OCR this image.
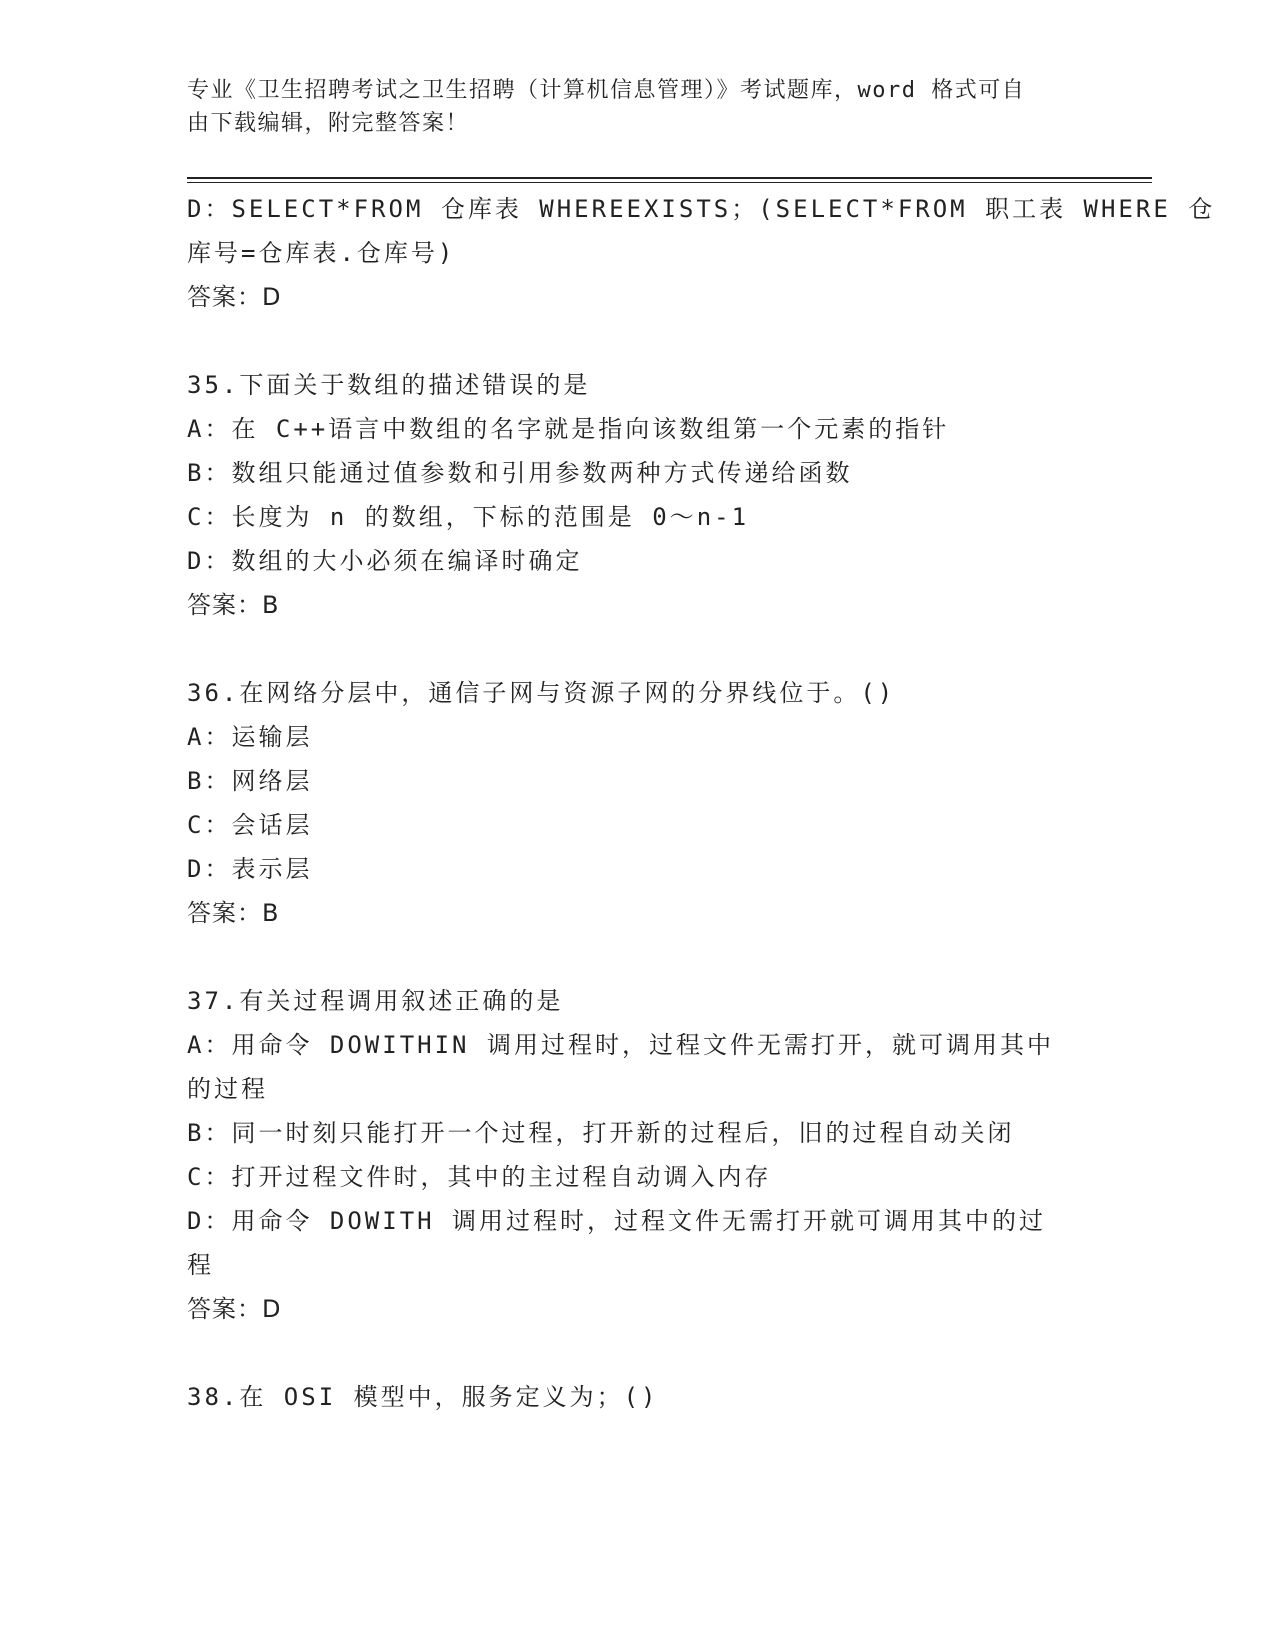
专业《卫生招聘考试之卫生招聘（计算机信息管理）》考试题库，word 格式可自
由下载编辑，附完整答案！
D：SELECT*FROM 仓库表 WHEREEXISTS；(SELECT*FROM 职工表 WHERE 仓
库号=仓库表.仓库号)
答案：D
35.下面关于数组的描述错误的是
A：在 C++语言中数组的名字就是指向该数组第一个元素的指针
B：数组只能通过值参数和引用参数两种方式传递给函数
C：长度为 n 的数组，下标的范围是 0～n-1
D：数组的大小必须在编译时确定
答案：B
36.在网络分层中，通信子网与资源子网的分界线位于。()
A：运输层
B：网络层
C：会话层
D：表示层
答案：B
37.有关过程调用叙述正确的是
A：用命令 DOWITHIN 调用过程时，过程文件无需打开，就可调用其中
的过程
B：同一时刻只能打开一个过程，打开新的过程后，旧的过程自动关闭
C：打开过程文件时，其中的主过程自动调入内存
D：用命令 DOWITH 调用过程时，过程文件无需打开就可调用其中的过
程
答案：D
38.在 OSI 模型中，服务定义为；()
